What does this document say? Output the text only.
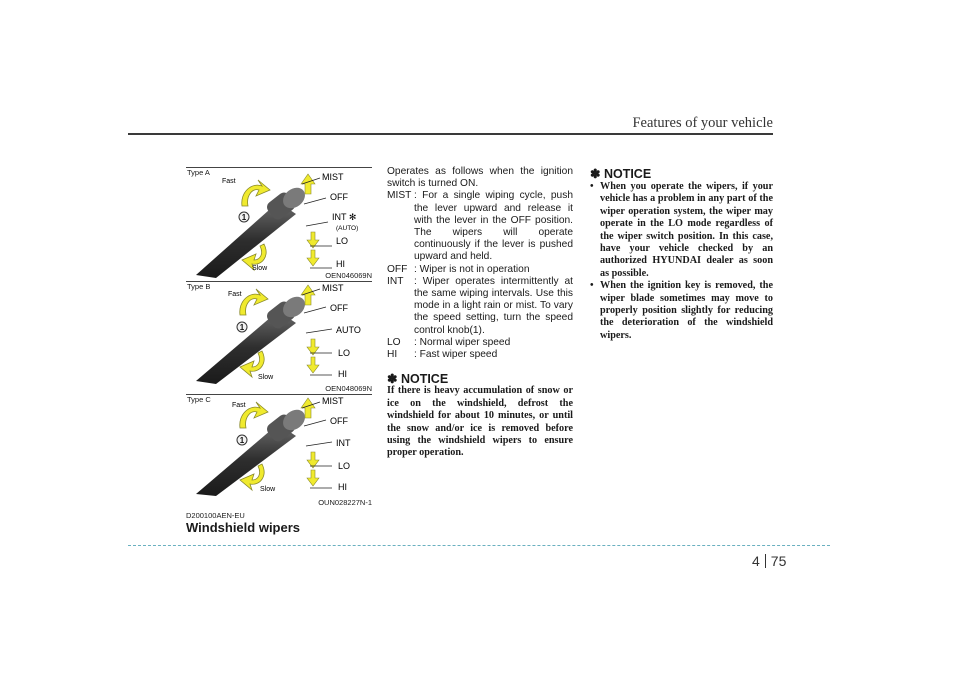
Features of your vehicle
Type A
1
Fast
Slow
MIST
OFF
INT ✻
(AUTO)
LO
HI
OEN046069N
Type B
1
Fast
Slow
MIST
OFF
AUTO
LO
HI
OEN048069N
Type C
1
Fast
Slow
MIST
OFF
INT
LO
HI
OUN028227N-1
D200100AEN-EU
Windshield wipers
Operates as follows when the ignition switch is turned ON.
MIST : For a single wiping cycle, push the lever upward and release it with the lever in the OFF position. The wipers will operate continuously if the lever is pushed upward and held.
OFF : Wiper is not in operation
INT	: Wiper operates intermittently at the same wiping intervals. Use this mode in a light rain or mist. To vary the speed setting, turn the speed control knob(1).
LO	: Normal wiper speed
HI	: Fast wiper speed
✽ NOTICE
If there is heavy accumulation of snow or ice on the windshield, defrost the windshield for about 10 minutes, or until the snow and/or ice is removed before using the windshield wipers to ensure proper operation.
✽ NOTICE
• When you operate the wipers, if your vehicle has a problem in any part of the wiper operation system, the wiper may operate in the LO mode regardless of the wiper switch position. In this case, have your vehicle checked by an authorized HYUNDAI dealer as soon as possible.
• When the ignition key is removed, the wiper blade sometimes may move to properly position slightly for reducing the deterioration of the windshield wipers.
4 75
